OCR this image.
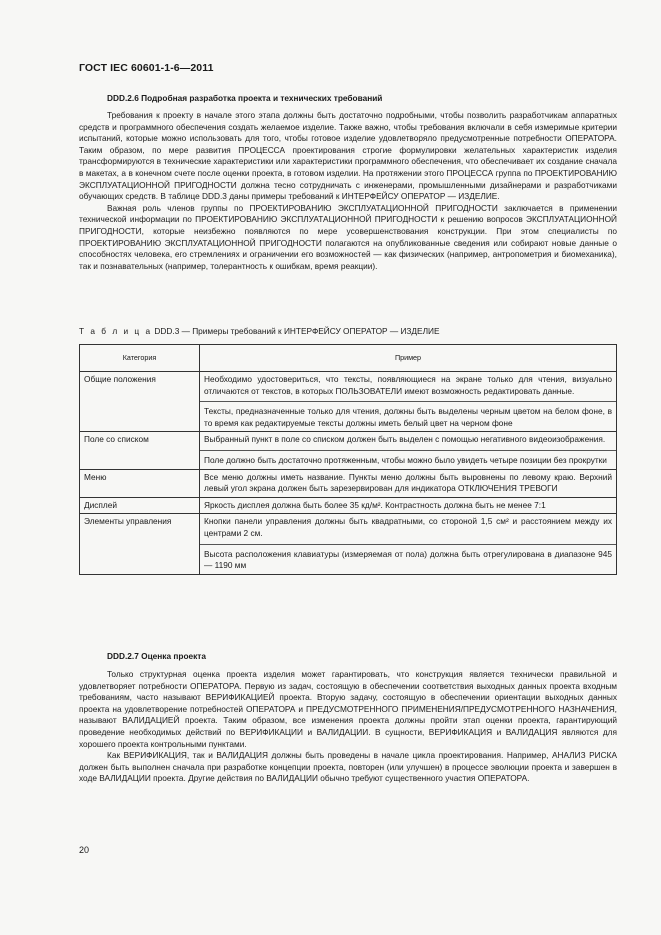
ГОСТ IEC 60601-1-6—2011
DDD.2.6 Подробная разработка проекта и технических требований

Требования к проекту в начале этого этапа должны быть достаточно подробными, чтобы позволить разработчикам аппаратных средств и программного обеспечения создать желаемое изделие. Также важно, чтобы требования включали в себя измеримые критерии испытаний, которые можно использовать для того, чтобы готовое изделие удовлетворяло предусмотренные потребности ОПЕРАТОРА. Таким образом, по мере развития ПРОЦЕССА проектирования строгие формулировки желательных характеристик изделия трансформируются в технические характеристики или характеристики программного обеспечения, что обеспечивает их создание сначала в макетах, а в конечном счете после оценки проекта, в готовом изделии. На протяжении этого ПРОЦЕССА группа по ПРОЕКТИРОВАНИЮ ЭКСПЛУАТАЦИОННОЙ ПРИГОДНОСТИ должна тесно сотрудничать с инженерами, промышленными дизайнерами и разработчиками обучающих средств. В таблице DDD.3 даны примеры требований к ИНТЕРФЕЙСУ ОПЕРАТОР — ИЗДЕЛИЕ.

Важная роль членов группы по ПРОЕКТИРОВАНИЮ ЭКСПЛУАТАЦИОННОЙ ПРИГОДНОСТИ заключается в применении технической информации по ПРОЕКТИРОВАНИЮ ЭКСПЛУАТАЦИОННОЙ ПРИГОДНОСТИ к решению вопросов ЭКСПЛУАТАЦИОННОЙ ПРИГОДНОСТИ, которые неизбежно появляются по мере усовершенствования конструкции. При этом специалисты по ПРОЕКТИРОВАНИЮ ЭКСПЛУАТАЦИОННОЙ ПРИГОДНОСТИ полагаются на опубликованные сведения или собирают новые данные о способностях человека, его стремлениях и ограничении его возможностей — как физических (например, антропометрия и биомеханика), так и познавательных (например, толерантность к ошибкам, время реакции).

Т а б л и ц а DDD.3 — Примеры требований к ИНТЕРФЕЙСУ ОПЕРАТОР — ИЗДЕЛИЕ
Категория	Пример
Общие положения	Необходимо удостовериться, что тексты, появляющиеся на экране только для чтения, визуально отличаются от текстов, в которых ПОЛЬЗОВАТЕЛИ имеют возможность редактировать данные.
Тексты, предназначенные только для чтения, должны быть выделены черным цветом на белом фоне, в то время как редактируемые тексты должны иметь белый цвет на черном фоне

Поле со списком	Выбранный пункт в поле со списком должен быть выделен с помощью негативного видеоизображения.
Поле должно быть достаточно протяженным, чтобы можно было увидеть четыре позиции без прокрутки

Меню	Все меню должны иметь название. Пункты меню должны быть выровнены по левому краю. Верхний левый угол экрана должен быть зарезервирован для индикатора ОТКЛЮЧЕНИЯ ТРЕВОГИ

Дисплей	Яркость дисплея должна быть более 35 кд/м². Контрастность должна быть не менее 7:1

Элементы управления	Кнопки панели управления должны быть квадратными, со стороной 1,5 см² и расстоянием между их центрами 2 см.
Высота расположения клавиатуры (измеряемая от пола) должна быть отрегулирована в диапазоне 945 — 1190 мм
DDD.2.7 Оценка проекта

Только структурная оценка проекта изделия может гарантировать, что конструкция является технически правильной и удовлетворяет потребности ОПЕРАТОРА. Первую из задач, состоящую в обеспечении соответствия выходных данных проекта входным требованиям, часто называют ВЕРИФИКАЦИЕЙ проекта. Вторую задачу, состоящую в обеспечении ориентации выходных данных проекта на удовлетворение потребностей ОПЕРАТОРА и ПРЕДУСМОТРЕННОГО ПРИМЕНЕНИЯ/ПРЕДУСМОТРЕННОГО НАЗНАЧЕНИЯ, называют ВАЛИДАЦИЕЙ проекта. Таким образом, все изменения проекта должны пройти этап оценки проекта, гарантирующий проведение необходимых действий по ВЕРИФИКАЦИИ и ВАЛИДАЦИИ. В сущности, ВЕРИФИКАЦИЯ и ВАЛИДАЦИЯ являются для хорошего проекта контрольными пунктами.

Как ВЕРИФИКАЦИЯ, так и ВАЛИДАЦИЯ должны быть проведены в начале цикла проектирования. Например, АНАЛИЗ РИСКА должен быть выполнен сначала при разработке концепции проекта, повторен (или улучшен) в процессе эволюции проекта и завершен в ходе ВАЛИДАЦИИ проекта. Другие действия по ВАЛИДАЦИИ обычно требуют существенного участия ОПЕРАТОРА.

20
